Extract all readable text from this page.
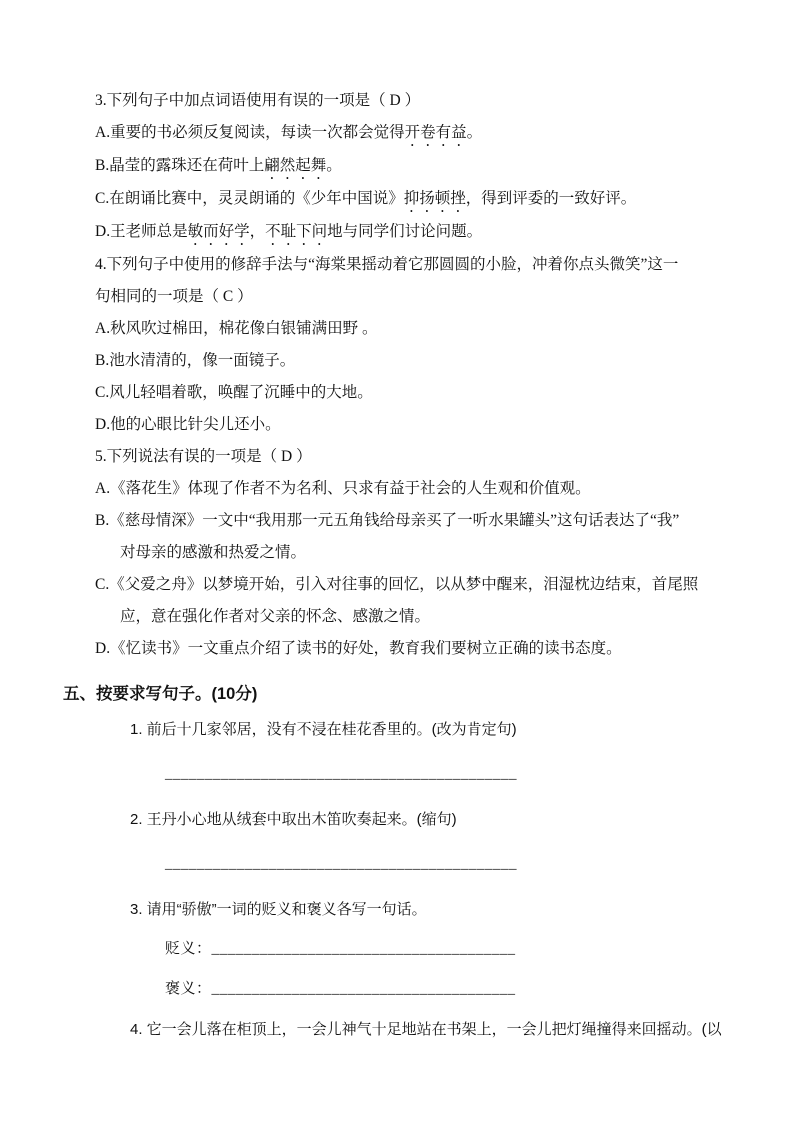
3.下列句子中加点词语使用有误的一项是（ D ）

A.重要的书必须反复阅读，每读一次都会觉得开卷有益。

B.晶莹的露珠还在荷叶上翩然起舞。

C.在朗诵比赛中，灵灵朗诵的《少年中国说》抑扬顿挫，得到评委的一致好评。

D.王老师总是敏而好学，不耻下问地与同学们讨论问题。

4.下列句子中使用的修辞手法与“海棠果摇动着它那圆圆的小脸，冲着你点头微笑”这一

句相同的一项是（ C ）

A.秋风吹过棉田，棉花像白银铺满田野 。

B.池水清清的，像一面镜子。

C.风儿轻唱着歌，唤醒了沉睡中的大地。

D.他的心眼比针尖儿还小。

5.下列说法有误的一项是（ D ）

A.《落花生》体现了作者不为名利、只求有益于社会的人生观和价值观。

B.《慈母情深》一文中“我用那一元五角钱给母亲买了一听水果罐头”这句话表达了“我”

对母亲的感激和热爱之情。

C.《父爱之舟》以梦境开始，引入对往事的回忆，以从梦中醒来，泪湿枕边结束，首尾照

应，意在强化作者对父亲的怀念、感激之情。

D.《忆读书》一文重点介绍了读书的好处，教育我们要树立正确的读书态度。

五、按要求写句子。(10分)

1. 前后十几家邻居，没有不浸在桂花香里的。(改为肯定句)

____________________________________________

2. 王丹小心地从绒套中取出木笛吹奏起来。(缩句)

____________________________________________

3. 请用“骄傲”一词的贬义和褒义各写一句话。

贬义：______________________________________

褒义：______________________________________

4. 它一会儿落在柜顶上，一会儿神气十足地站在书架上，一会儿把灯绳撞得来回摇动。(以
